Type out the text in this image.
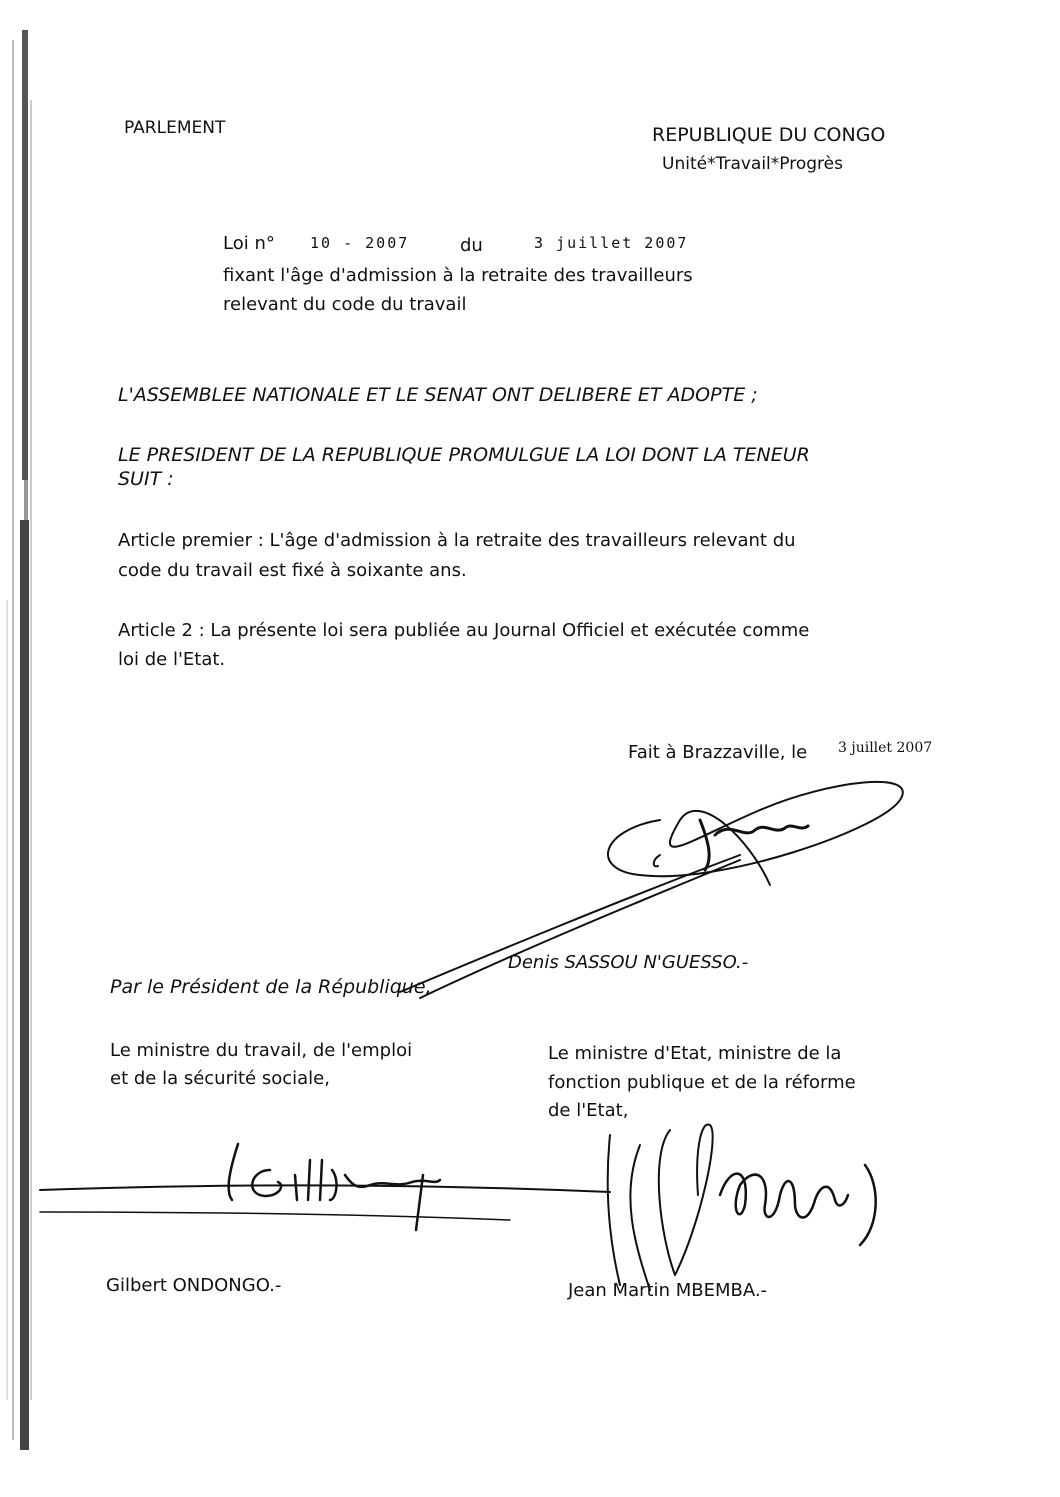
PARLEMENT	REPUBLIQUE DU CONGO
Unité*Travail*Progrès
Loi n° 10 - 2007	du	3 juillet 2007
fixant l'âge d'admission à la retraite des travailleurs
relevant du code du travail
L'ASSEMBLEE NATIONALE ET LE SENAT ONT DELIBERE ET ADOPTE ;
LE PRESIDENT DE LA REPUBLIQUE PROMULGUE LA LOI DONT LA TENEUR
SUIT :
Article premier : L'âge d'admission à la retraite des travailleurs relevant du
code du travail est fixé à soixante ans.
Article 2 : La présente loi sera publiée au Journal Officiel et exécutée comme
loi de l'Etat.
Fait à Brazzaville, le 3 juillet 2007
Denis SASSOU N'GUESSO.-
Par le Président de la République,
Le ministre du travail, de l'emploi
et de la sécurité sociale,
Le ministre d'Etat, ministre de la
fonction publique et de la réforme
de l'Etat,
Gilbert ONDONGO.-	Jean Martin MBEMBA.-
